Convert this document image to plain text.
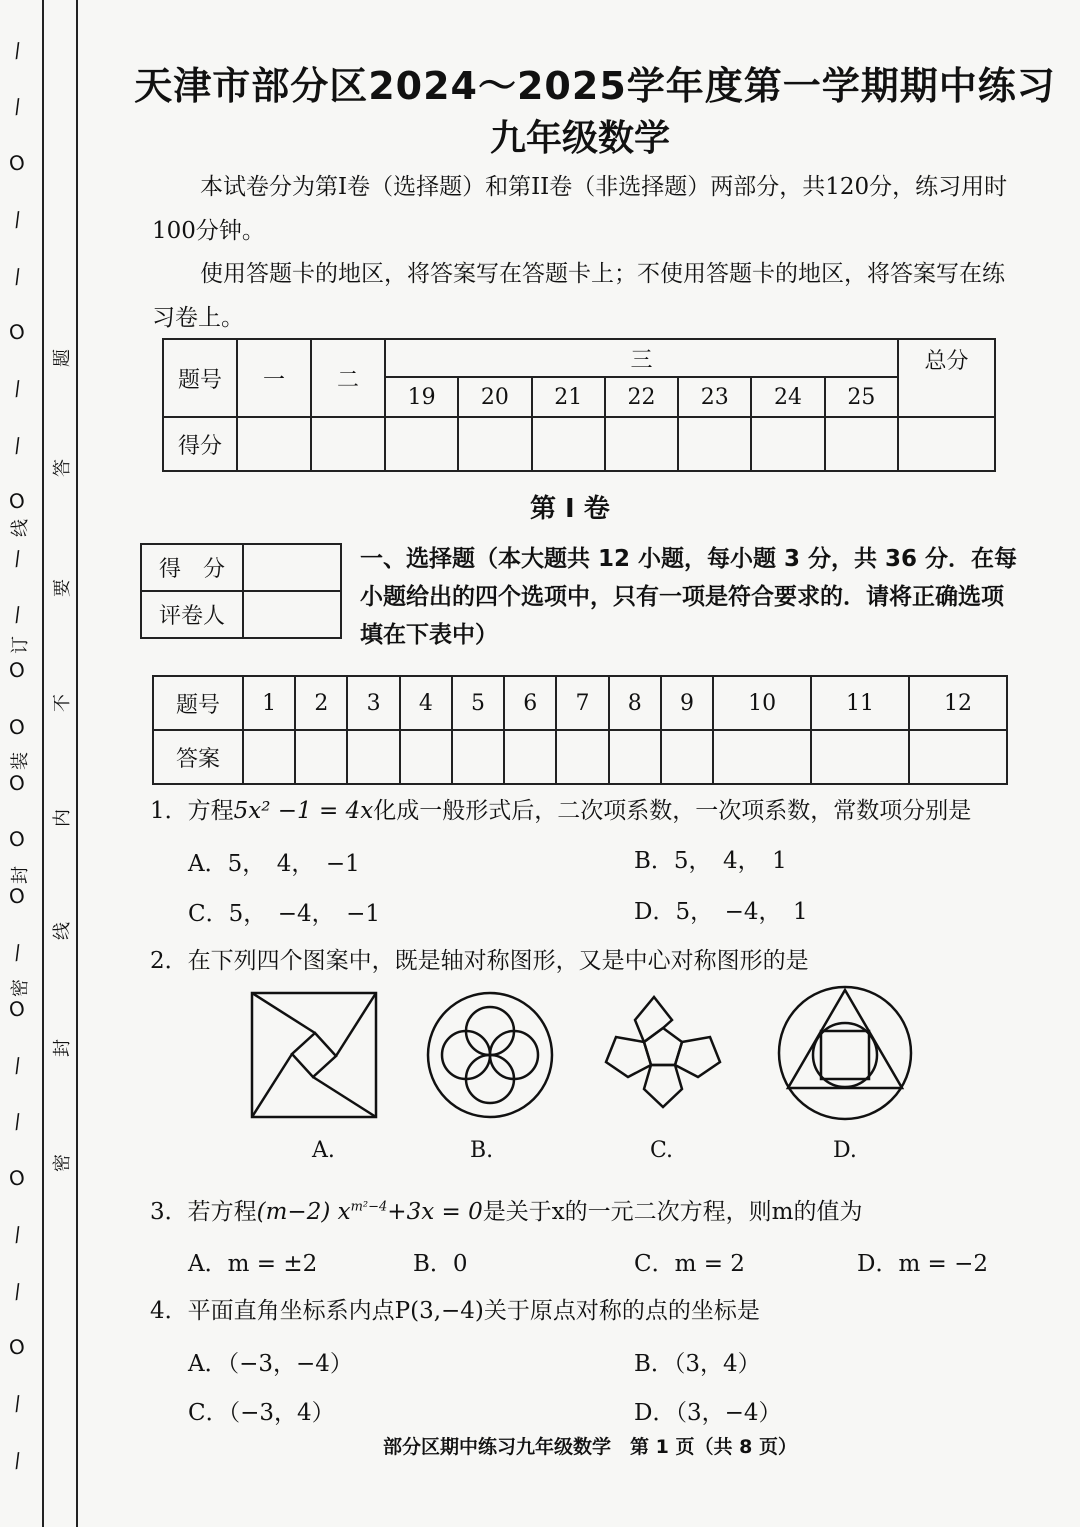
/
/
O
/
/
O
/
/
O
/
/
O
O
O
O
O
/
O
/
/
O
/
/
O
/
/
题
答
要
不
内
线
封
密
线
订
装
封
密
天津市部分区2024～2025学年度第一学期期中练习
九年级数学
本试卷分为第I卷（选择题）和第II卷（非选择题）两部分，共120分，练习用时100分钟。
使用答题卡的地区，将答案写在答题卡上；不使用答题卡的地区，将答案写在练习卷上。
题号	一	二	三							总分
			19	20	21	22	23	24	25	
得分										
第 I 卷
得　分	
评卷人	
一、选择题（本大题共 12 小题，每小题 3 分，共 36 分．在每小题给出的四个选项中，只有一项是符合要求的．请将正确选项填在下表中）
题号	1	2	3	4	5	6	7	8	9	10	11	12
答案												
1．方程5x² −1 = 4x化成一般形式后，二次项系数，一次项系数，常数项分别是
A．5，　4，　−1	B．5，　4，　1
C．5，　−4，　−1	D．5，　−4，　1
2．在下列四个图案中，既是轴对称图形，又是中心对称图形的是
A.	B.	C.	D.
3．若方程(m−2) $x^{m^2-4}+3x = 0$是关于x的一元二次方程，则m的值为
A．m = ±2	B．0	C．m = 2	D．m = −2
4．平面直角坐标系内点P(3,−4)关于原点对称的点的坐标是
A．（−3，−4）	B．（3，4）
C．（−3，4）	D．（3，−4）
部分区期中练习九年级数学　第 1 页（共 8 页）
